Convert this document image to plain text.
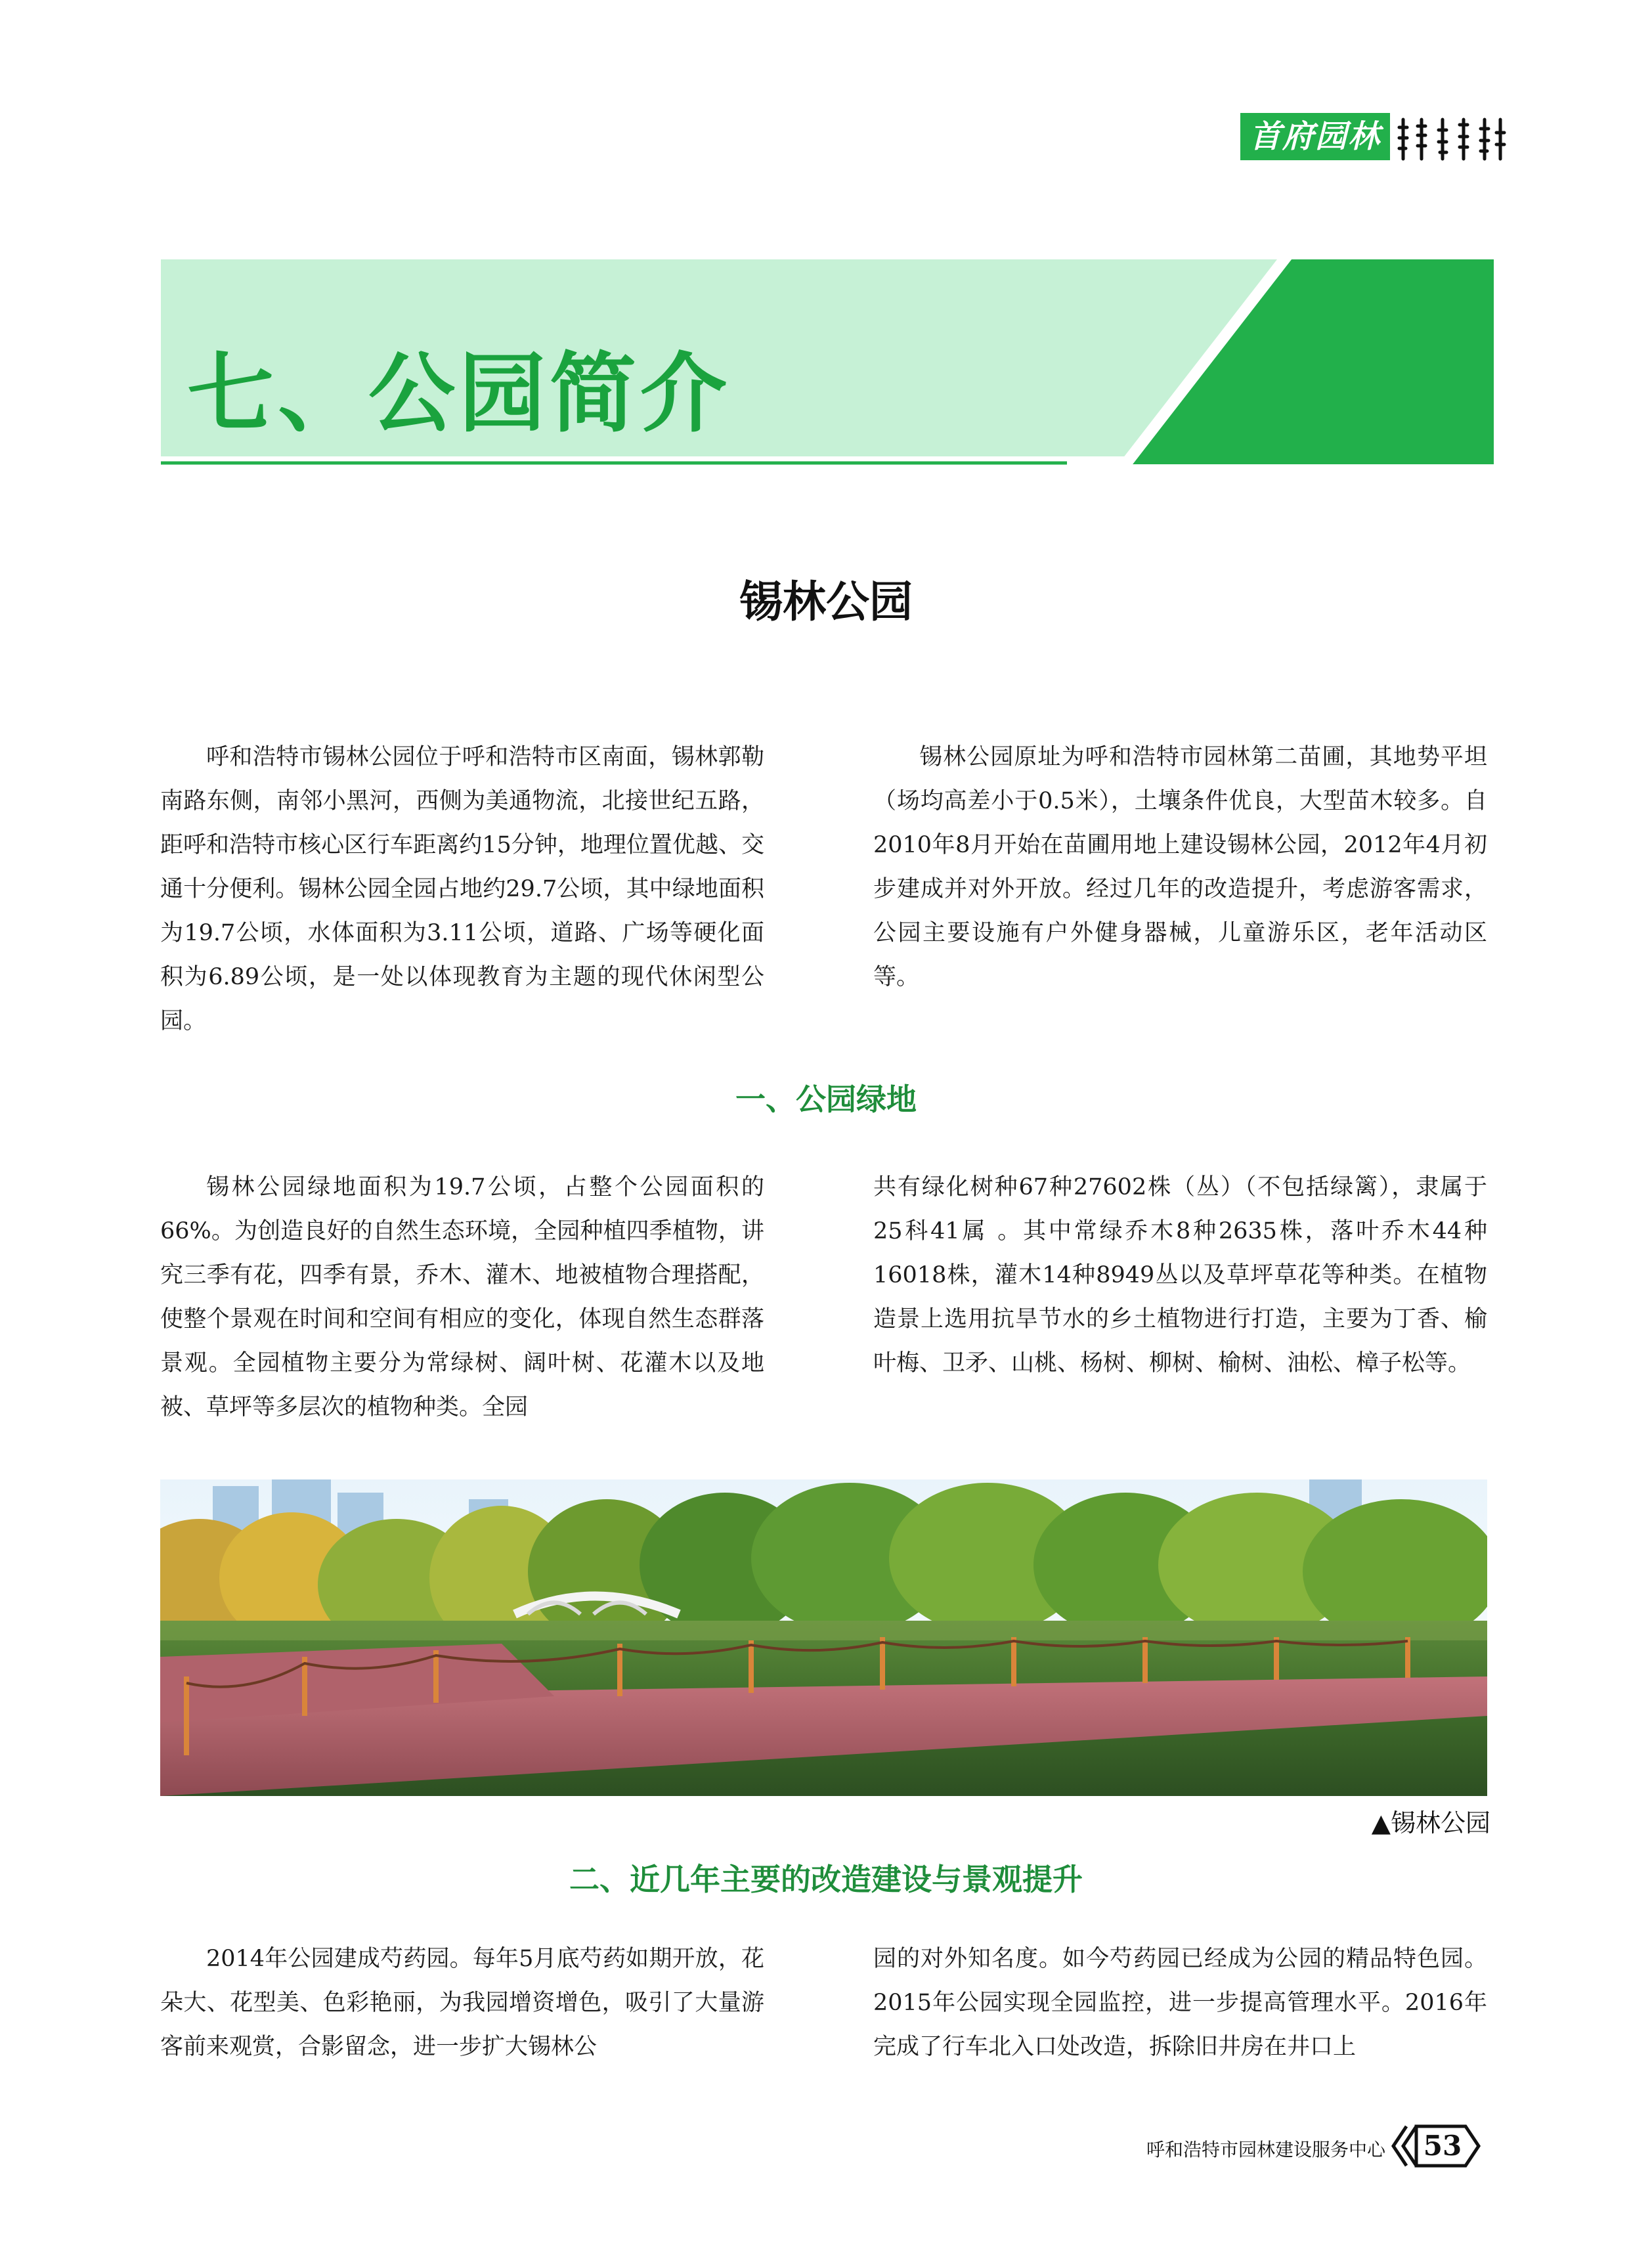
首府园林
七、公园简介
锡林公园
呼和浩特市锡林公园位于呼和浩特市区南面，锡林郭勒南路东侧，南邻小黑河，西侧为美通物流，北接世纪五路，距呼和浩特市核心区行车距离约15分钟，地理位置优越、交通十分便利。锡林公园全园占地约29.7公顷，其中绿地面积为19.7公顷，水体面积为3.11公顷，道路、广场等硬化面积为6.89公顷，是一处以体现教育为主题的现代休闲型公园。
锡林公园原址为呼和浩特市园林第二苗圃，其地势平坦（场均高差小于0.5米），土壤条件优良，大型苗木较多。自2010年8月开始在苗圃用地上建设锡林公园，2012年4月初步建成并对外开放。经过几年的改造提升，考虑游客需求，公园主要设施有户外健身器械，儿童游乐区，老年活动区等。
一、公园绿地
锡林公园绿地面积为19.7公顷，占整个公园面积的66%。为创造良好的自然生态环境，全园种植四季植物，讲究三季有花，四季有景，乔木、灌木、地被植物合理搭配，使整个景观在时间和空间有相应的变化，体现自然生态群落景观。全园植物主要分为常绿树、阔叶树、花灌木以及地被、草坪等多层次的植物种类。全园
共有绿化树种67种27602株（丛）（不包括绿篱），隶属于25科41属 。其中常绿乔木8种2635株，落叶乔木44种16018株，灌木14种8949丛以及草坪草花等种类。在植物造景上选用抗旱节水的乡土植物进行打造，主要为丁香、榆叶梅、卫矛、山桃、杨树、柳树、榆树、油松、樟子松等。
▲锡林公园
二、近几年主要的改造建设与景观提升
2014年公园建成芍药园。每年5月底芍药如期开放，花朵大、花型美、色彩艳丽，为我园增资增色，吸引了大量游客前来观赏，合影留念，进一步扩大锡林公
园的对外知名度。如今芍药园已经成为公园的精品特色园。2015年公园实现全园监控，进一步提高管理水平。2016年完成了行车北入口处改造，拆除旧井房在井口上
呼和浩特市园林建设服务中心 53
